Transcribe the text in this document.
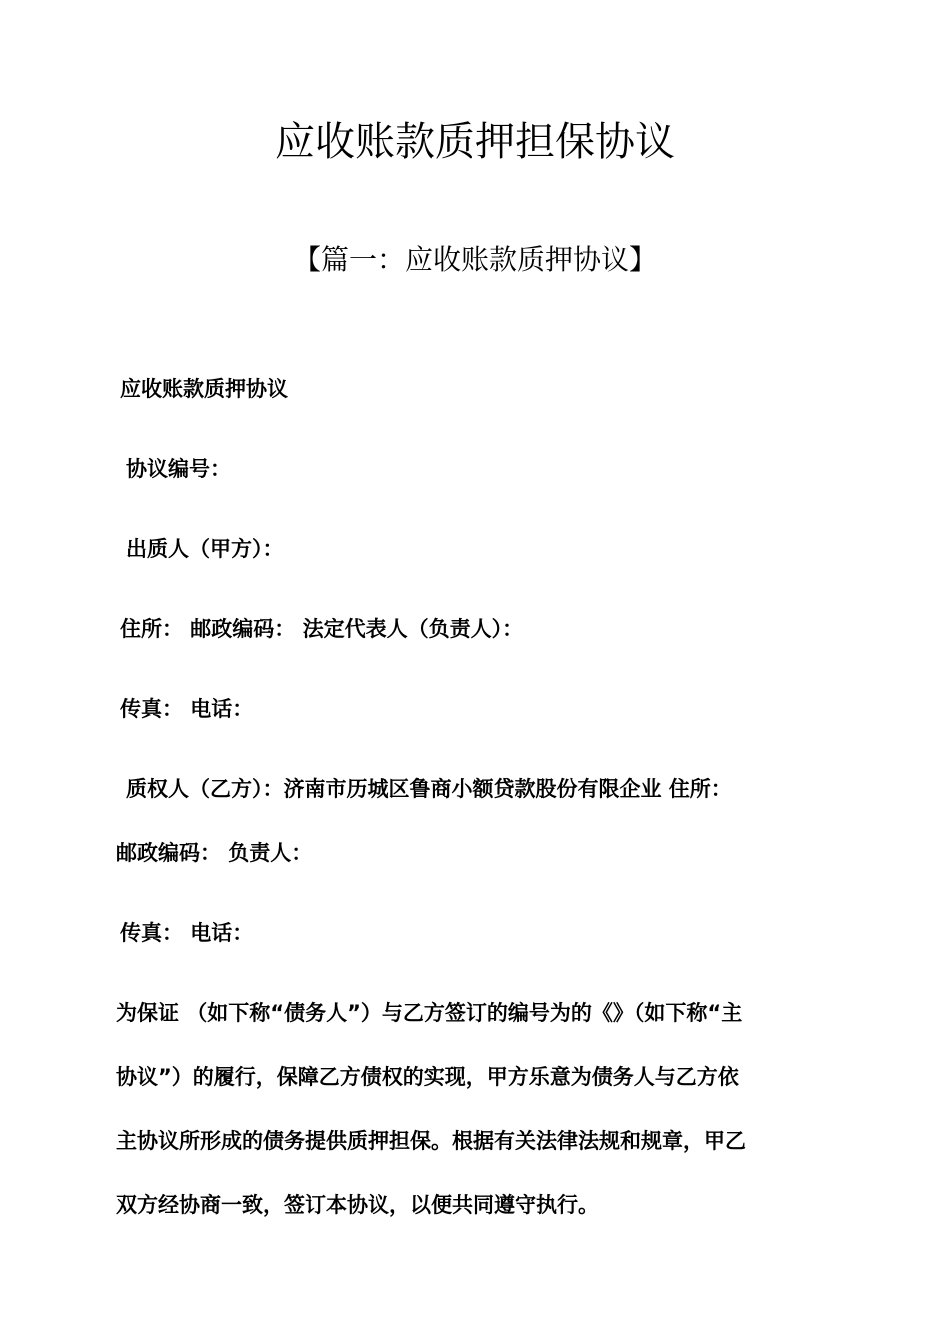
应收账款质押担保协议
【篇一：应收账款质押协议】
应收账款质押协议
协议编号：
出质人（甲方）：
住所： 邮政编码： 法定代表人（负责人）：
传真： 电话：
质权人（乙方）：济南市历城区鲁商小额贷款股份有限企业 住所：
邮政编码： 负责人：
传真： 电话：
为保证 （如下称“债务人”）与乙方签订的编号为的《》（如下称“主
协议”）的履行，保障乙方债权的实现，甲方乐意为债务人与乙方依
主协议所形成的债务提供质押担保。根据有关法律法规和规章，甲乙
双方经协商一致，签订本协议，以便共同遵守执行。
